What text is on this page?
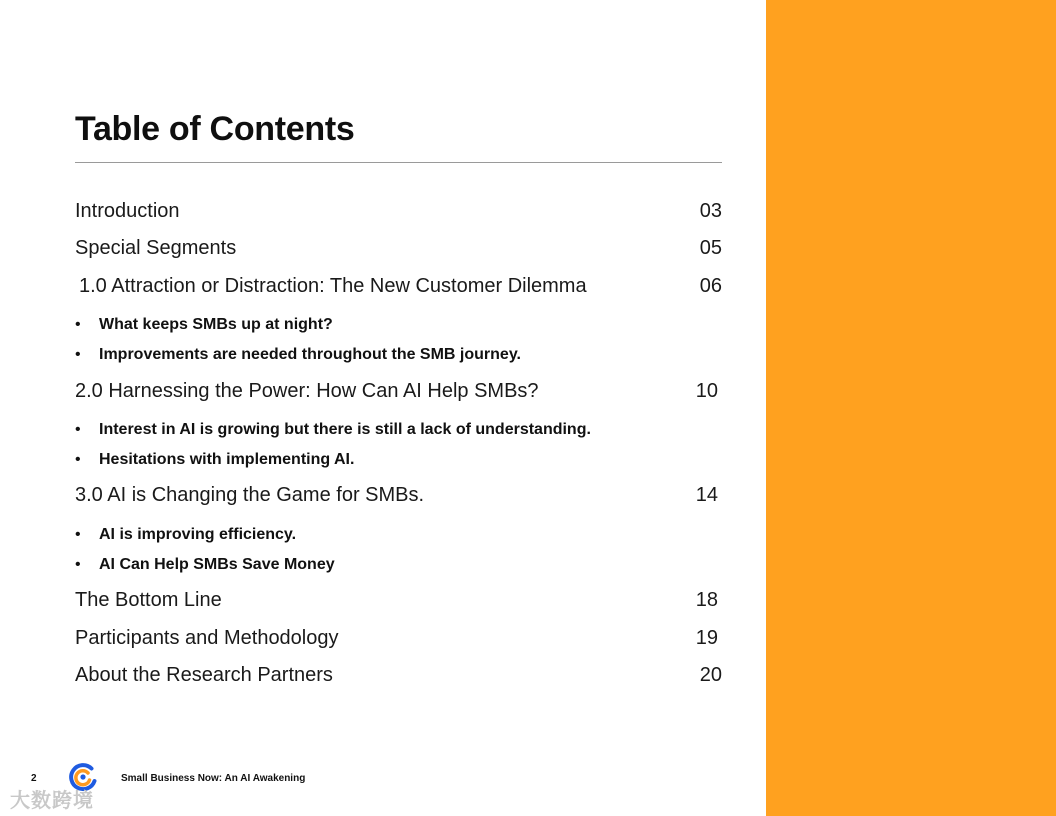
Table of Contents
Introduction	03
Special Segments	05
1.0 Attraction or Distraction: The New Customer Dilemma	06
• What keeps SMBs up at night?
• Improvements are needed throughout the SMB journey.
2.0 Harnessing the Power: How Can AI Help SMBs?	10
• Interest in AI is growing but there is still a lack of understanding.
• Hesitations with implementing AI.
3.0 AI is Changing the Game for SMBs.	14
• AI is improving efficiency.
• AI Can Help SMBs Save Money
The Bottom Line	18
Participants and Methodology	19
About the Research Partners	20
2	Small Business Now: An AI Awakening
大数跨境
